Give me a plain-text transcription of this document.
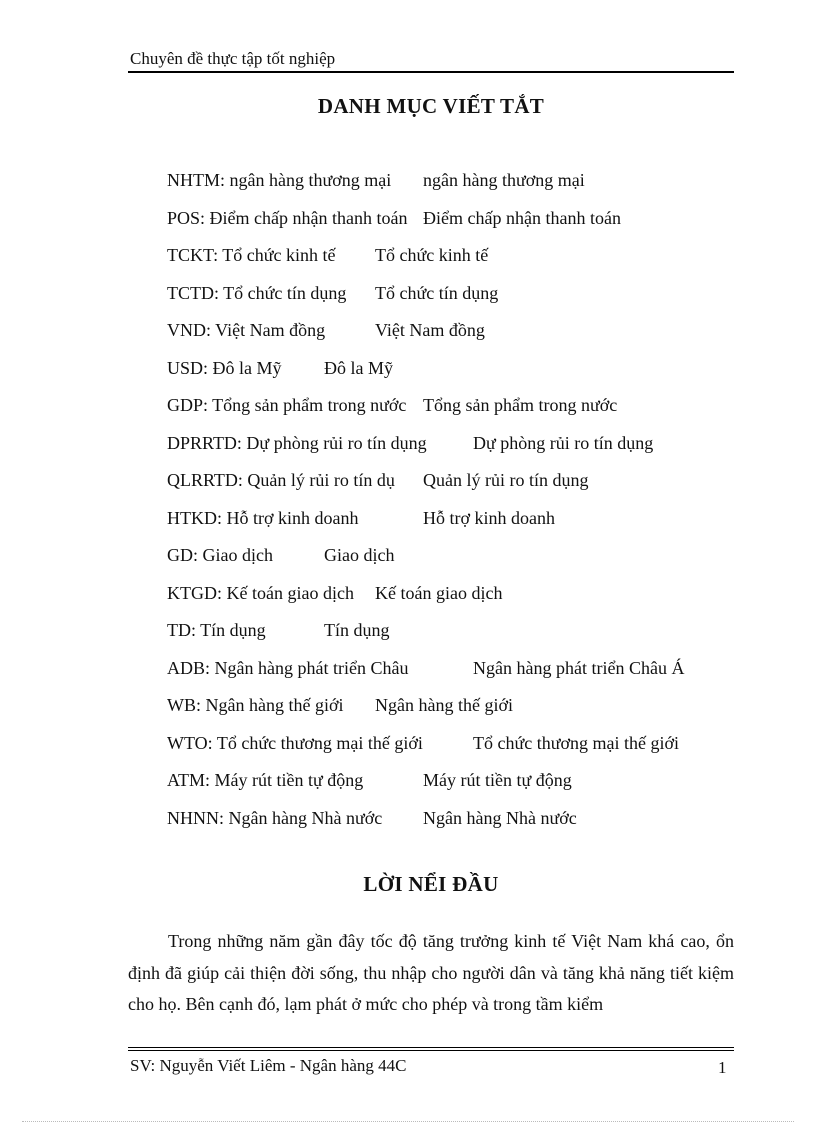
Chuyên đề thực tập tốt nghiệp
DANH MỤC VIẾT TẮT
NHTM: ngân hàng thương mại ngân hàng thương mại
POS: Điểm chấp nhận thanh toán Điểm chấp nhận thanh toán
TCKT: Tổ chức kinh tế Tổ chức kinh tế
TCTD: Tổ chức tín dụng Tổ chức tín dụng
VND: Việt Nam đồng	Việt Nam đồng
USD: Đô la Mỹ Đô la Mỹ
GDP: Tổng sản phẩm trong nước Tổng sản phẩm trong nước
DPRRTD: Dự phòng rủi ro tín dụng	Dự phòng rủi ro tín dụng
QLRRTD: Quản lý rủi ro tín dụ Quản lý rủi ro tín dụng
HTKD: Hỗ trợ kinh doanh	Hỗ trợ kinh doanh
GD: Giao dịch	Giao dịch
KTGD: Kế toán giao dịch Kế toán giao dịch
TD: Tín dụng	Tín dụng
ADB: Ngân hàng phát triển Châu	Ngân hàng phát triển Châu Á
WB: Ngân hàng thế giới Ngân hàng thế giới
WTO: Tổ chức thương mại thế giới	Tổ chức thương mại thế giới
ATM: Máy rút tiền tự động	Máy rút tiền tự động
NHNN: Ngân hàng Nhà nước Ngân hàng Nhà nước
LỜI NỂI ĐẦU

Trong những năm gần đây tốc độ tăng trưởng kinh tế Việt Nam khá cao, ổn định đã giúp cải thiện đời sống, thu nhập cho người dân và tăng khả năng tiết kiệm cho họ. Bên cạnh đó, lạm phát ở mức cho phép và trong tầm kiểm

SV: Nguyễn Viết Liêm - Ngân hàng 44C	1
